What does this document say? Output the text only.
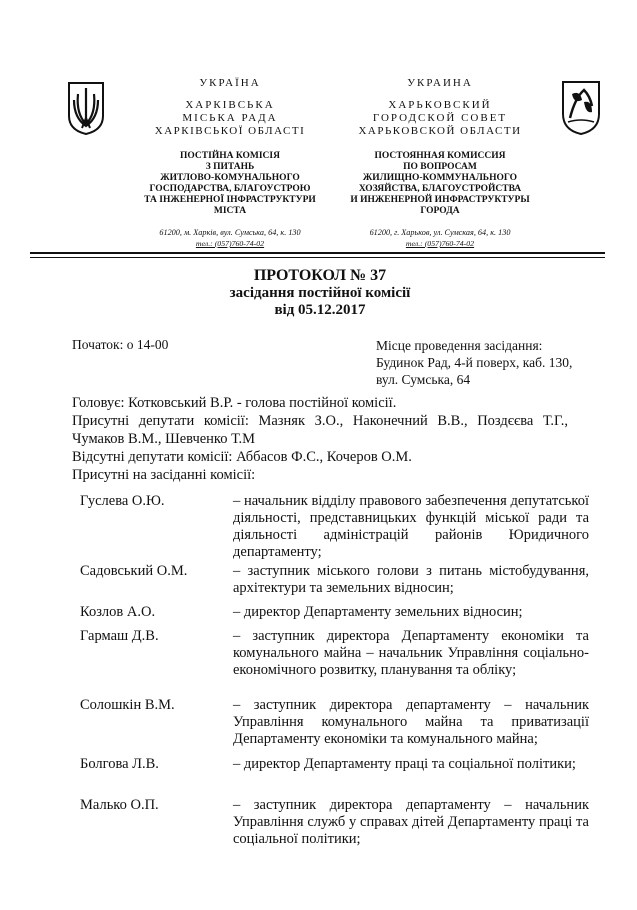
УКРАЇНА
ХАРКІВСЬКА
МІСЬКА РАДА
ХАРКІВСЬКОЇ ОБЛАСТІ
ПОСТІЙНА КОМІСІЯ
З ПИТАНЬ
ЖИТЛОВО-КОМУНАЛЬНОГО
ГОСПОДАРСТВА, БЛАГОУСТРОЮ
ТА ІНЖЕНЕРНОЇ ІНФРАСТРУКТУРИ
МІСТА
61200, м. Харків, вул. Сумська, 64, к. 130
тел.: (057)760-74-02
УКРАИНА
ХАРЬКОВСКИЙ
ГОРОДСКОЙ СОВЕТ
ХАРЬКОВСКОЙ ОБЛАСТИ
ПОСТОЯННАЯ КОМИССИЯ
ПО ВОПРОСАМ
ЖИЛИЩНО-КОММУНАЛЬНОГО
ХОЗЯЙСТВА, БЛАГОУСТРОЙСТВА
И ИНЖЕНЕРНОЙ ИНФРАСТРУКТУРЫ
ГОРОДА
61200, г. Харьков, ул. Сумская, 64, к. 130
тел.: (057)760-74-02
ПРОТОКОЛ № 37
засідання постійної комісії
від 05.12.2017
Початок: о 14-00	Місце проведення засідання:
Будинок Рад, 4-й поверх, каб. 130,
вул. Сумська, 64
Головує: Котковський В.Р. - голова постійної комісії.
Присутні депутати комісії: Мазняк З.О., Наконечний В.В., Поздєєва Т.Г.,
Чумаков В.М., Шевченко Т.М
Відсутні депутати комісії: Аббасов Ф.С., Кочеров О.М.
Присутні на засіданні комісії:
Гуслева О.Ю.	– начальник відділу правового забезпечення депутатської діяльності, представницьких функцій міської ради та діяльності адміністрацій районів Юридичного департаменту;
Садовський О.М.	– заступник міського голови з питань містобудування, архітектури та земельних відносин;
Козлов А.О.	– директор Департаменту земельних відносин;
Гармаш Д.В.	– заступник директора Департаменту економіки та комунального майна – начальник Управління соціально-економічного розвитку, планування та обліку;
Солошкін В.М.	– заступник директора департаменту – начальник Управління комунального майна та приватизації Департаменту економіки та комунального майна;
Болгова Л.В.	– директор Департаменту праці та соціальної політики;
Малько О.П.	– заступник директора департаменту – начальник Управління служб у справах дітей Департаменту праці та соціальної політики;
